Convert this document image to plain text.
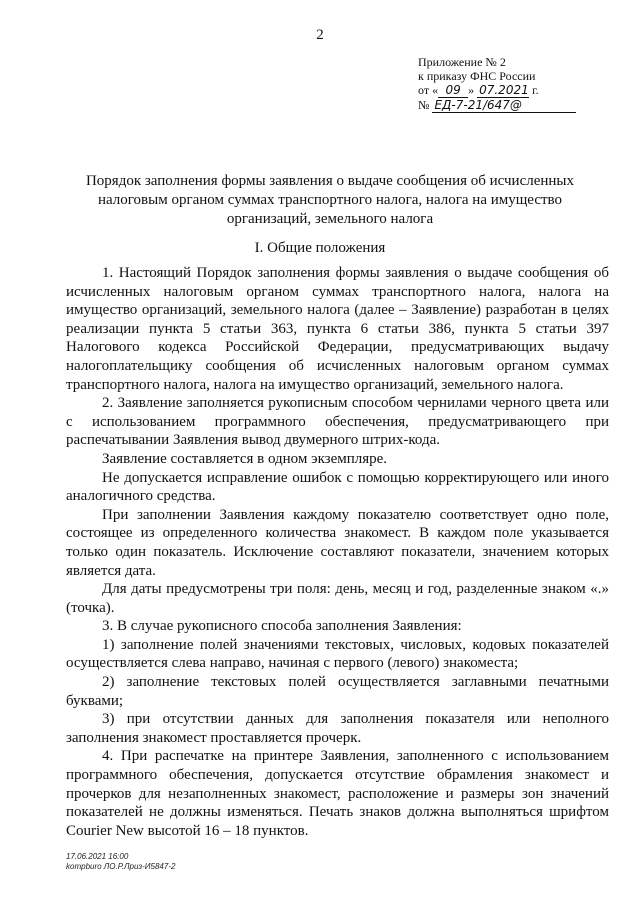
2
Приложение № 2
к приказу ФНС России
от « 09 » 07.2021 г.
№ ЕД-7-21/647@
Порядок заполнения формы заявления о выдаче сообщения об исчисленных налоговым органом суммах транспортного налога, налога на имущество организаций, земельного налога
I. Общие положения

1. Настоящий Порядок заполнения формы заявления о выдаче сообщения об исчисленных налоговым органом суммах транспортного налога, налога на имущество организаций, земельного налога (далее – Заявление) разработан в целях реализации пункта 5 статьи 363, пункта 6 статьи 386, пункта 5 статьи 397 Налогового кодекса Российской Федерации, предусматривающих выдачу налогоплательщику сообщения об исчисленных налоговым органом суммах транспортного налога, налога на имущество организаций, земельного налога.

2. Заявление заполняется рукописным способом чернилами черного цвета или с использованием программного обеспечения, предусматривающего при распечатывании Заявления вывод двумерного штрих-кода.

Заявление составляется в одном экземпляре.

Не допускается исправление ошибок с помощью корректирующего или иного аналогичного средства.

При заполнении Заявления каждому показателю соответствует одно поле, состоящее из определенного количества знакомест. В каждом поле указывается только один показатель. Исключение составляют показатели, значением которых является дата.

Для даты предусмотрены три поля: день, месяц и год, разделенные знаком «.» (точка).

3. В случае рукописного способа заполнения Заявления:

1) заполнение полей значениями текстовых, числовых, кодовых показателей осуществляется слева направо, начиная с первого (левого) знакоместа;

2) заполнение текстовых полей осуществляется заглавными печатными буквами;

3) при отсутствии данных для заполнения показателя или неполного заполнения знакомест проставляется прочерк.

4. При распечатке на принтере Заявления, заполненного с использованием программного обеспечения, допускается отсутствие обрамления знакомест и прочерков для незаполненных знакомест, расположение и размеры зон значений показателей не должны изменяться. Печать знаков должна выполняться шрифтом Courier New высотой 16 – 18 пунктов.

17.06.2021 16:00
kompburo ЛО.Р.Лриз-И5847-2
